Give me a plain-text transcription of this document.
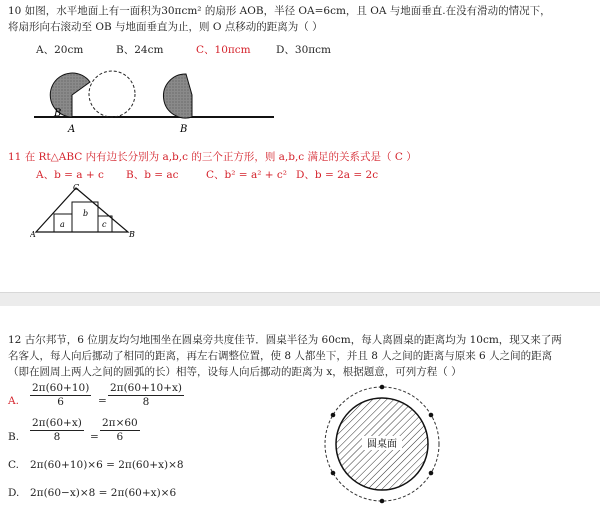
10 如图，水平地面上有一面积为30πcm² 的扇形 AOB，半径 OA=6cm，且 OA 与地面垂直.在没有滑动的情况下，
将扇形向右滚动至 OB 与地面垂直为止，则 O 点移动的距离为（ ）
A、20cm	B、24cm	C、10πcm D、30πcm
B
A	B
11 在 Rt△ABC 内有边长分别为 a,b,c 的三个正方形，则 a,b,c 满足的关系式是（ C ）
A、b = a + c B、b = ac	C、b² = a² + c² D、b = 2a = 2c
C
A	B
a
b
c
12 古尔邦节，6 位朋友均匀地围坐在圆桌旁共度佳节．圆桌半径为 60cm，每人离圆桌的距离均为 10cm，现又来了两
名客人，每人向后挪动了相同的距离，再左右调整位置，使 8 人都坐下，并且 8 人之间的距离与原来 6 人之间的距离
（即在圆周上两人之间的圆弧的长）相等，设每人向后挪动的距离为 x，根据题意，可列方程（ ）
A. $\frac{2\pi(60+10)}{6} = \frac{2\pi(60+10+x)}{8}$
B. $\frac{2\pi(60+x)}{8} = \frac{2\pi\times 60}{6}$
C. 2π(60+10)×6 = 2π(60+x)×8
D. 2π(60−x)×8 = 2π(60+x)×6
圆桌面
